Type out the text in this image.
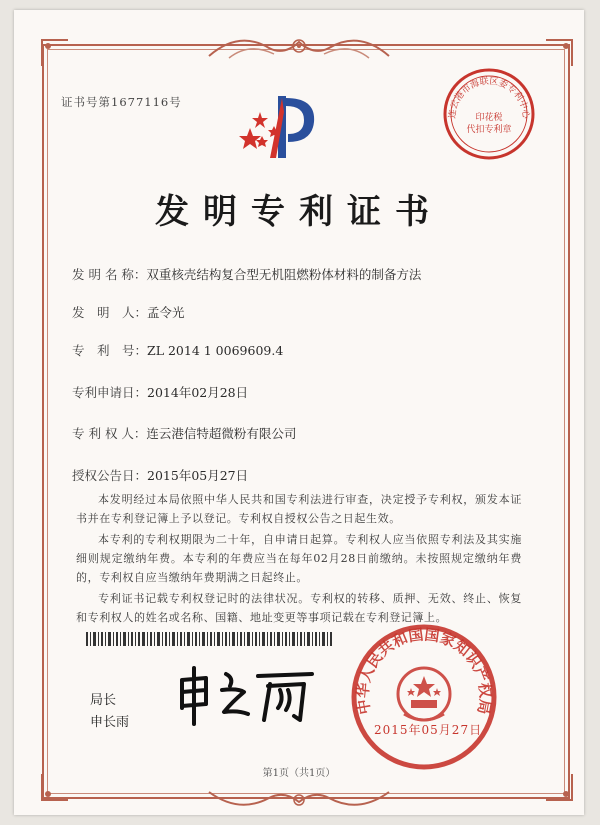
证书号第1677116号
连云港市海联区委专利中心
印花税
代扣专利章
发明专利证书
发 明 名 称：双重核壳结构复合型无机阻燃粉体材料的制备方法
发　明　人：孟令光
专　利　号：ZL 2014 1 0069609.4
专利申请日：2014年02月28日
专 利 权 人：连云港信特超微粉有限公司
授权公告日：2015年05月27日
本发明经过本局依照中华人民共和国专利法进行审查，决定授予专利权，颁发本证书并在专利登记簿上予以登记。专利权自授权公告之日起生效。
本专利的专利权期限为二十年，自申请日起算。专利权人应当依照专利法及其实施细则规定缴纳年费。本专利的年费应当在每年02月28日前缴纳。未按照规定缴纳年费的，专利权自应当缴纳年费期满之日起终止。
专利证书记载专利权登记时的法律状况。专利权的转移、质押、无效、终止、恢复和专利权人的姓名或名称、国籍、地址变更等事项记载在专利登记簿上。
局长
申长雨
中华人民共和国国家知识产权局
2015年05月27日
第1页（共1页）
